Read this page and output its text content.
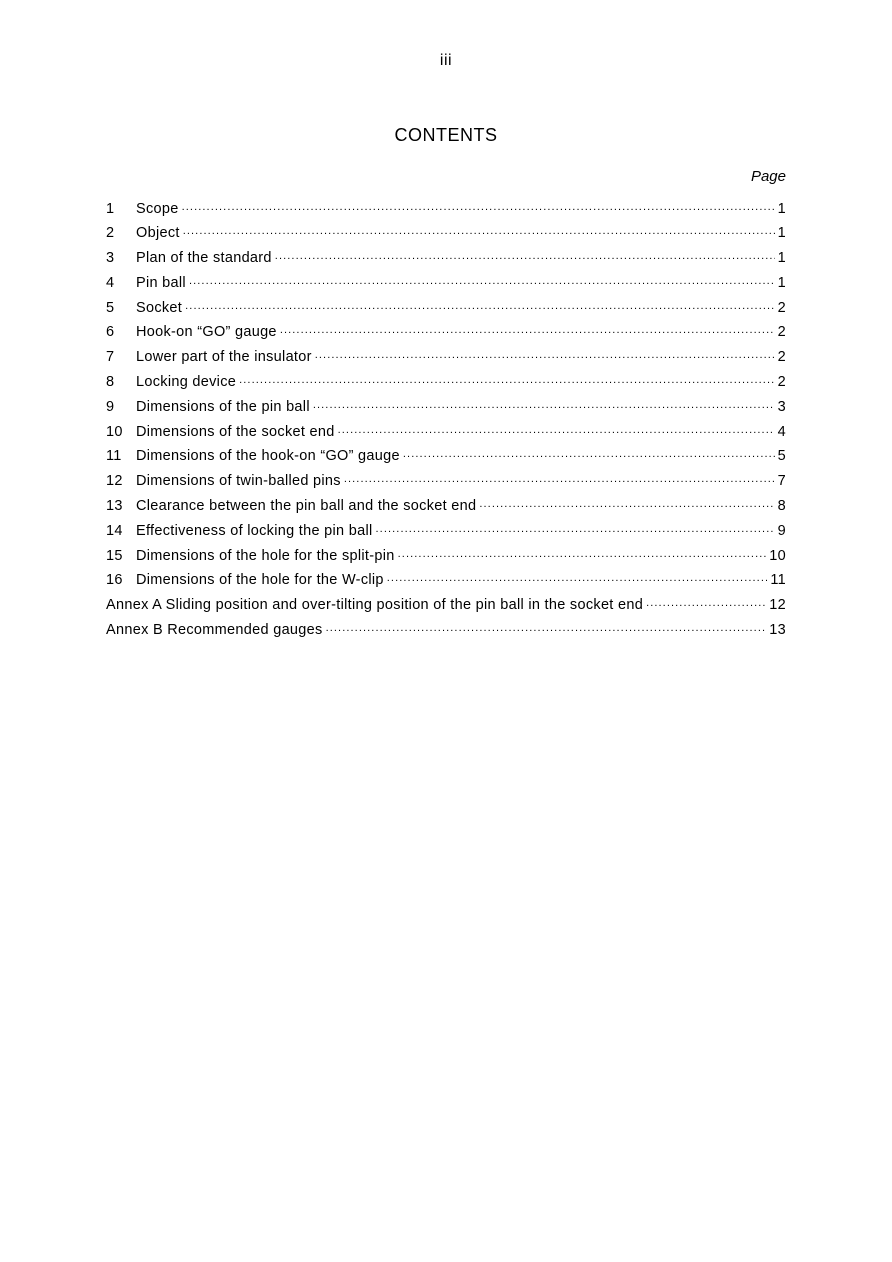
iii
CONTENTS
Page
1	Scope .....	1
2	Object .....	1
3	Plan of the standard .....	1
4	Pin ball .....	1
5	Socket .....	2
6	Hook-on “GO” gauge .....	2
7	Lower part of the insulator .....	2
8	Locking device .....	2
9	Dimensions of the pin ball .....	3
10 Dimensions of the socket end .....	4
11 Dimensions of the hook-on “GO” gauge .....	5
12 Dimensions of twin-balled pins .....	7
13 Clearance between the pin ball and the socket end .....	8
14 Effectiveness of locking the pin ball .....	9
15 Dimensions of the hole for the split-pin .....	10
16 Dimensions of the hole for the W-clip .....	11
Annex A Sliding position and over-tilting position of the pin ball in the socket end .....	12
Annex B Recommended gauges .....	13
